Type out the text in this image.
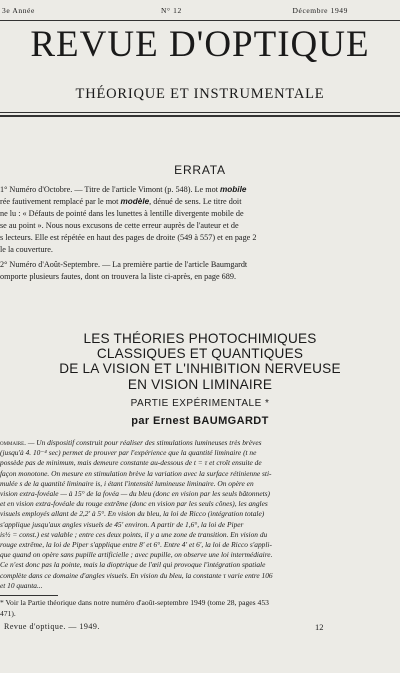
3e Année	N° 12	Décembre 1949
REVUE D'OPTIQUE
THÉORIQUE ET INSTRUMENTALE
ERRATA
1° Numéro d'Octobre. — Titre de l'article Vimont (p. 548). Le mot mobile
rée fautivement remplacé par le mot modèle, dénué de sens. Le titre doit
ne lu : « Défauts de pointé dans les lunettes à lentille divergente mobile de
se au point ». Nous nous excusons de cette erreur auprès de l'auteur et de
s lecteurs. Elle est répétée en haut des pages de droite (549 à 557) et en page 2
le la couverture.
2° Numéro d'Août-Septembre. — La première partie de l'article Baumgardt
omporte plusieurs fautes, dont on trouvera la liste ci-après, en page 689.
LES THÉORIES PHOTOCHIMIQUES
CLASSIQUES ET QUANTIQUES
DE LA VISION ET L'INHIBITION NERVEUSE
EN VISION LIMINAIRE
PARTIE EXPÉRIMENTALE *
par Ernest BAUMGARDT
ommaire. — Un dispositif construit pour réaliser des stimulations lumineuses très brèves
(jusqu'à 4. 10⁻⁴ sec) permet de prouver par l'expérience que la quantité liminaire (t ne
possède pas de minimum, mais demeure constante au-dessous de t = τ et croît ensuite de
façon monotone. On mesure en stimulation brève la variation avec la surface rétinienne sti-
mulée s de la quantité liminaire is, i étant l'intensité lumineuse liminaire. On opère en
vision extra-fovéale — à 15° de la fovéa — du bleu (donc en vision par les seuls bâtonnets)
et en vision extra-fovéale du rouge extrême (donc en vision par les seuls cônes), les angles
visuels employés allant de 2,2' à 5°. En vision du bleu, la loi de Ricco (intégration totale)
s'applique jusqu'aux angles visuels de 45' environ. A partir de 1,6°, la loi de Piper
is½ = const.) est valable ; entre ces deux points, il y a une zone de transition. En vision du
rouge extrême, la loi de Piper s'applique entre 8' et 6°. Entre 4' et 6', la loi de Ricco s'appli-
que quand on opère sans pupille artificielle ; avec pupille, on observe une loi intermédiaire.
Ce n'est donc pas la pointe, mais la dioptrique de l'œil qui provoque l'intégration spatiale
complète dans ce domaine d'angles visuels. En vision du bleu, la constante τ varie entre 106
et 10 quanta...
* Voir la Partie théorique dans notre numéro d'août-septembre 1949 (tome 28, pages 453
471).
Revue d'optique. — 1949.	12
